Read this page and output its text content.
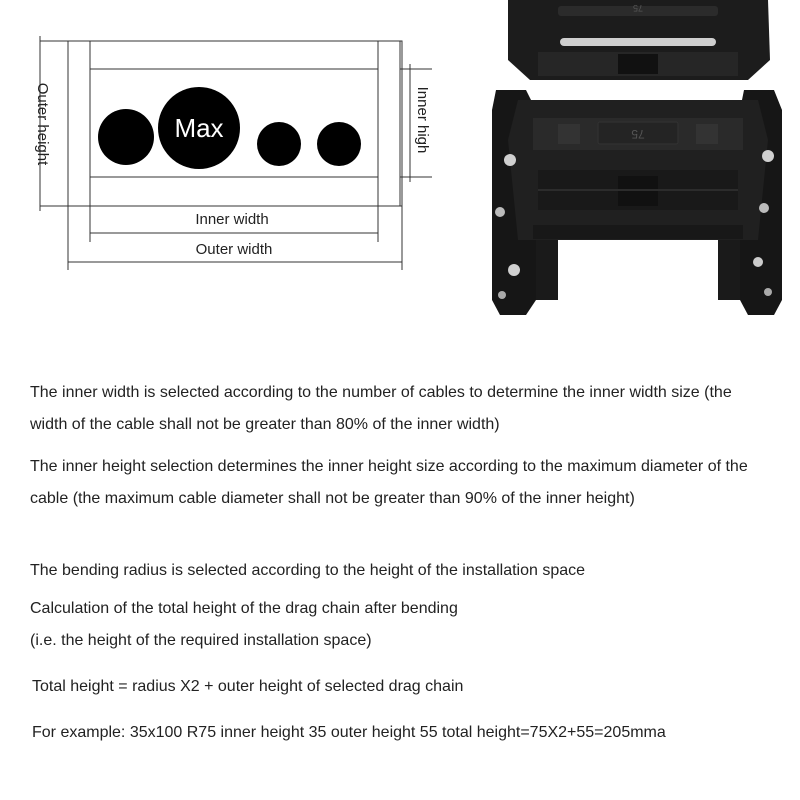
Max
Outer height	Inner high
Inner width
Outer width
75
75

The inner width is selected according to the number of cables to determine the inner width size (the width of the cable shall not be greater than 80% of the inner width)

The inner height selection determines the inner height size according to the maximum diameter of the cable (the maximum cable diameter shall not be greater than 90% of the inner height)

The bending radius is selected according to the height of the installation space

Calculation of the total height of the drag chain after bending

(i.e. the height of the required installation space)

Total height = radius X2 + outer height of selected drag chain

For example: 35x100 R75 inner height 35 outer height 55 total height=75X2+55=205mma
